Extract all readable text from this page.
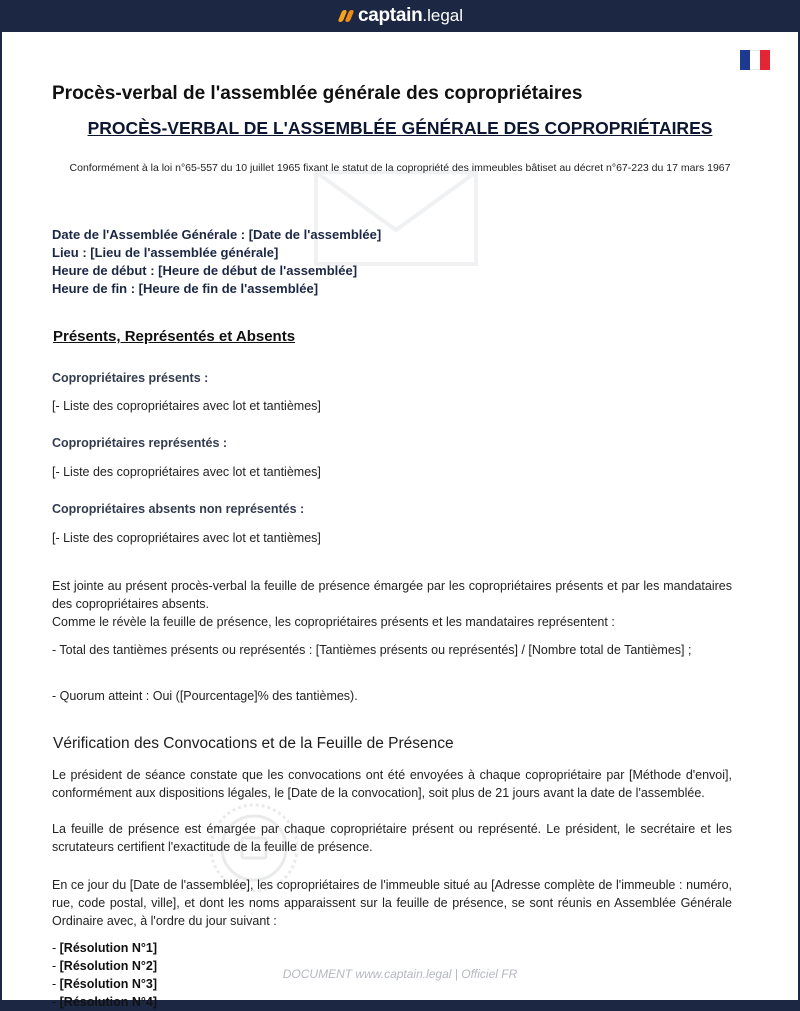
captain .legal
Procès-verbal de l'assemblée générale des copropriétaires
PROCÈS-VERBAL DE L'ASSEMBLÉE GÉNÉRALE DES COPROPRIÉTAIRES

Conformément à la loi n°65-557 du 10 juillet 1965 fixant le statut de la copropriété des immeubles bâtiset au décret n°67-223 du 17 mars 1967

Date de l'Assemblée Générale : [Date de l'assemblée]
Lieu : [Lieu de l'assemblée générale]
Heure de début : [Heure de début de l'assemblée]
Heure de fin : [Heure de fin de l'assemblée]
Présents, Représentés et Absents

Copropriétaires présents :

[- Liste des copropriétaires avec lot et tantièmes]

Copropriétaires représentés :

[- Liste des copropriétaires avec lot et tantièmes]

Copropriétaires absents non représentés :

[- Liste des copropriétaires avec lot et tantièmes]

Est jointe au présent procès-verbal la feuille de présence émargée par les copropriétaires présents et par les mandataires des copropriétaires absents.

Comme le révèle la feuille de présence, les copropriétaires présents et les mandataires représentent :

- Total des tantièmes présents ou représentés : [Tantièmes présents ou représentés] / [Nombre total de Tantièmes] ;

- Quorum atteint : Oui ([Pourcentage]% des tantièmes).

Vérification des Convocations et de la Feuille de Présence

Le président de séance constate que les convocations ont été envoyées à chaque copropriétaire par [Méthode d'envoi], conformément aux dispositions légales, le [Date de la convocation], soit plus de 21 jours avant la date de l'assemblée.

La feuille de présence est émargée par chaque copropriétaire présent ou représenté. Le président, le secrétaire et les scrutateurs certifient l'exactitude de la feuille de présence.

En ce jour du [Date de l'assemblée], les copropriétaires de l'immeuble situé au [Adresse complète de l'immeuble : numéro, rue, code postal, ville], et dont les noms apparaissent sur la feuille de présence, se sont réunis en Assemblée Générale Ordinaire avec, à l'ordre du jour suivant :

- [Résolution N°1]
- [Résolution N°2]
- [Résolution N°3]
- [Résolution N°4]
DOCUMENT www.captain.legal | Officiel FR
